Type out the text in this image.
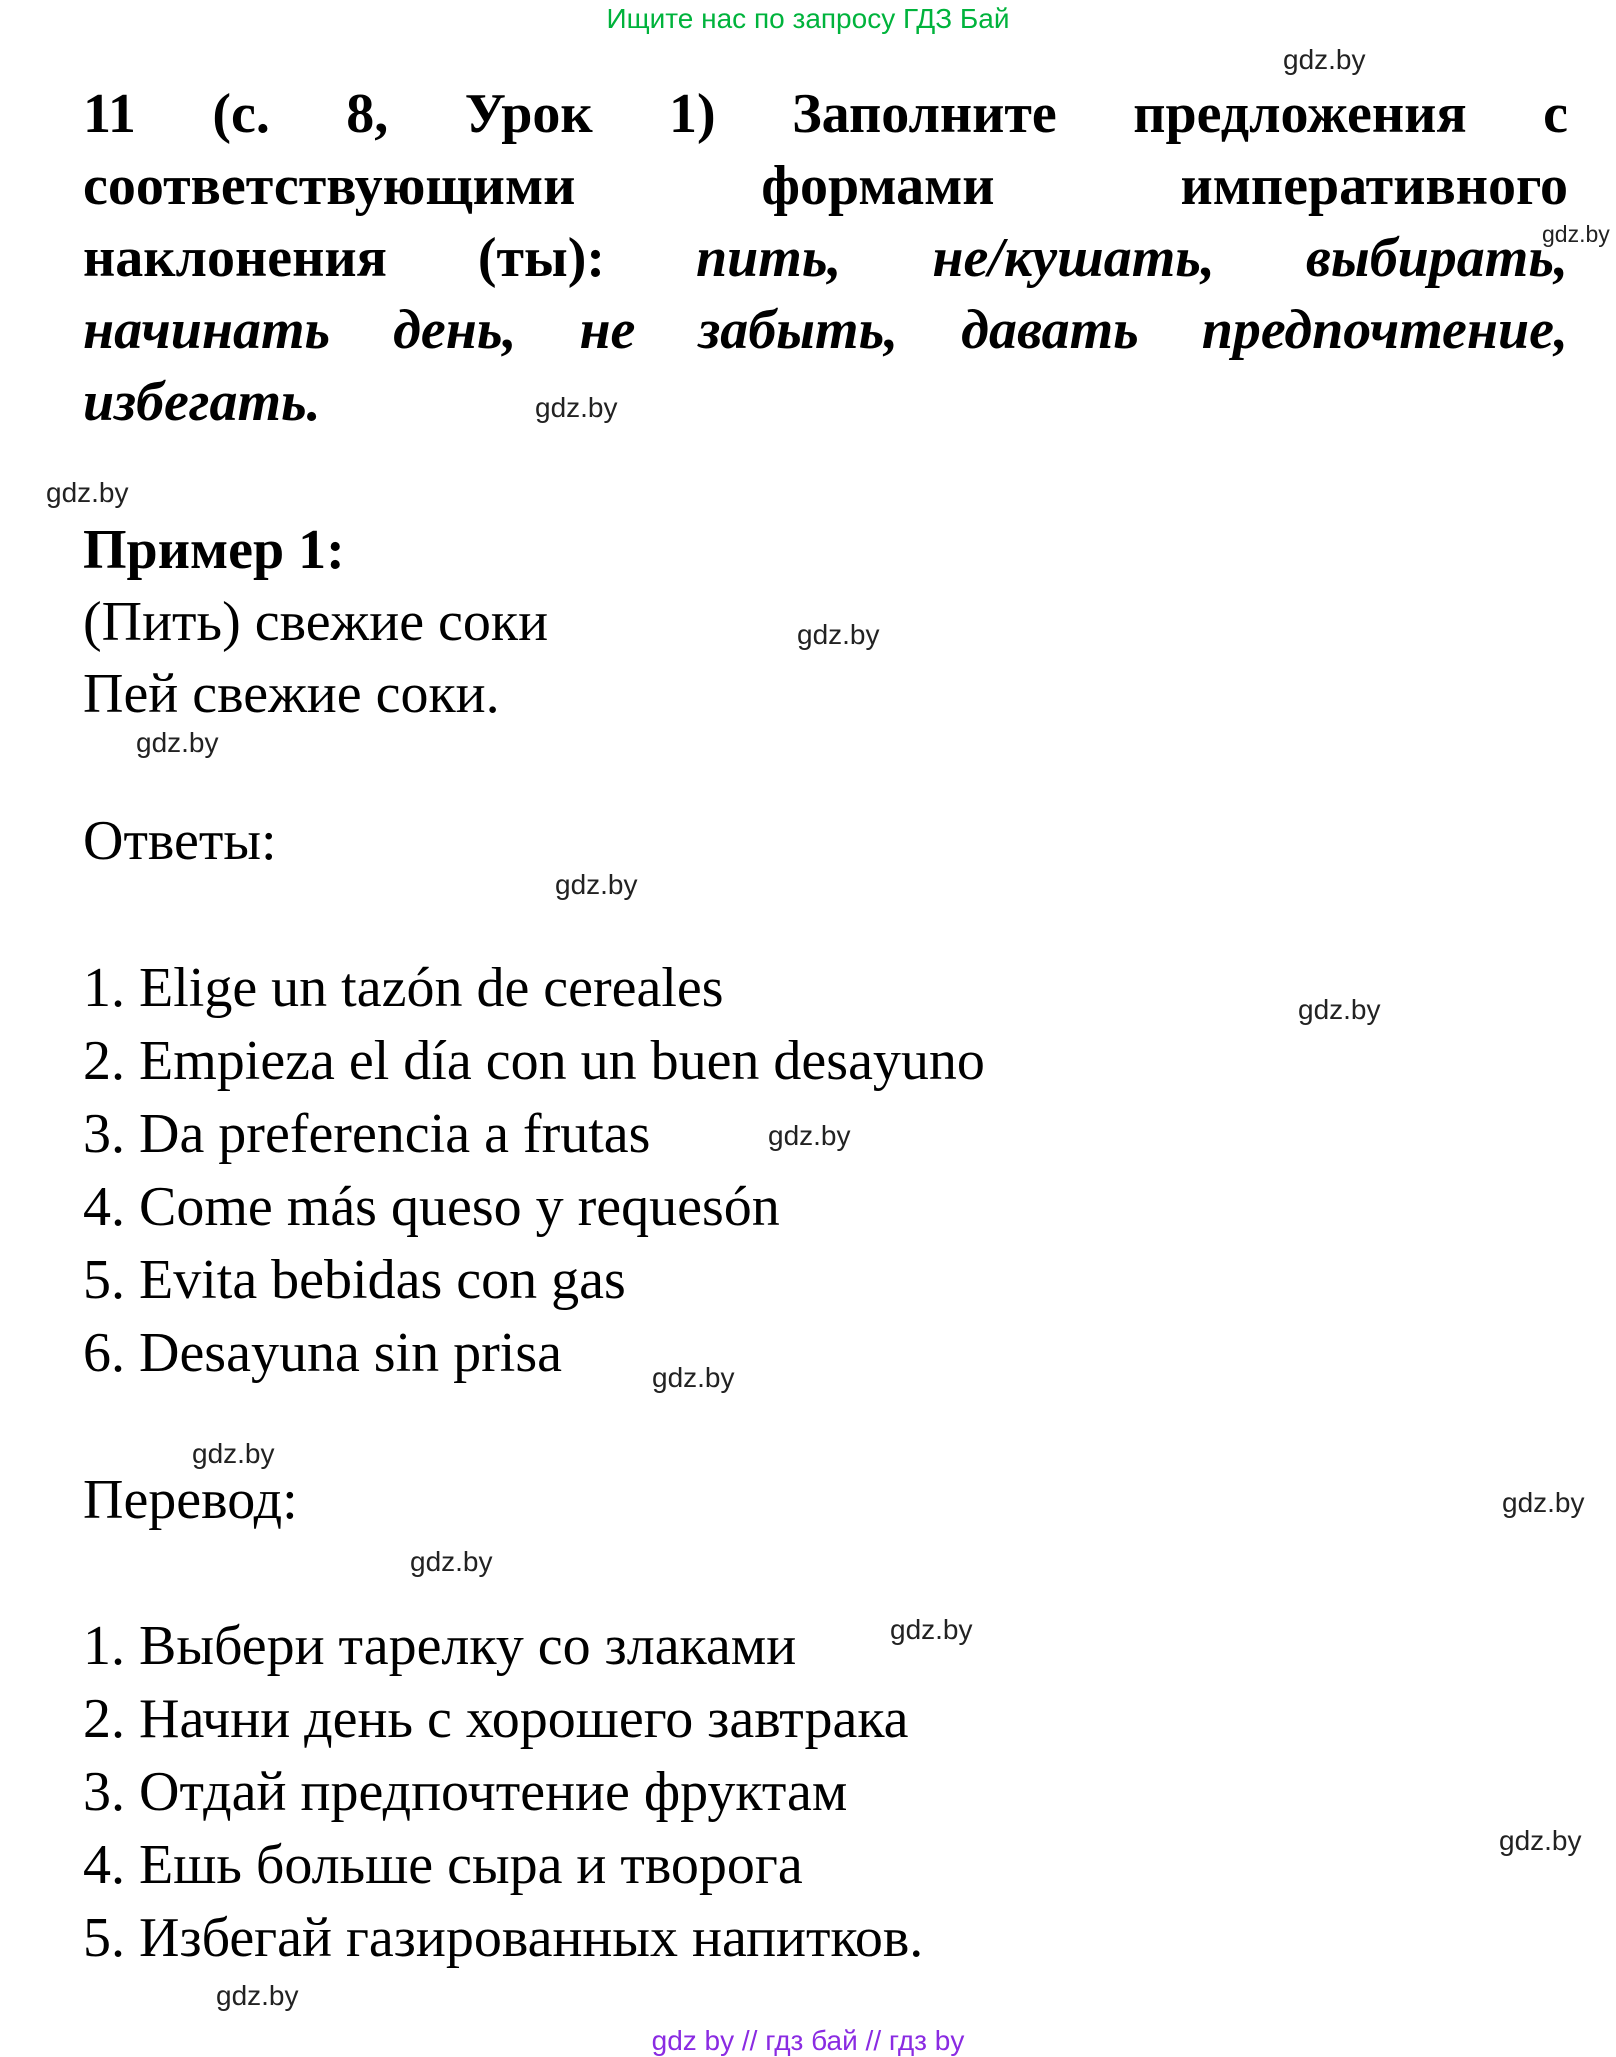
Ищите нас по запросу ГДЗ Бай
11 (с. 8, Урок 1) Заполните предложения с
соответствующими	формами	императивного
наклонения (ты): пить, не/кушать, выбирать,
начинать день, не забыть, давать предпочтение,
избегать.
Пример 1:
(Пить) свежие соки
Пей свежие соки.
Ответы:
1. Elige un tazón de cereales
2. Empieza el día con un buen desayuno
3. Da preferencia a frutas
4. Come más queso y requesón
5. Evita bebidas con gas
6. Desayuna sin prisa
Перевод:
1. Выбери тарелку со злаками
2. Начни день с хорошего завтрака
3. Отдай предпочтение фруктам
4. Ешь больше сыра и творога
5. Избегай газированных напитков.
gdz.by
gdz.by
gdz.by
gdz.by
gdz.by
gdz.by
gdz.by
gdz.by
gdz.by
gdz.by
gdz.by
gdz.by
gdz.by
gdz.by
gdz.by
gdz.by
gdz by // гдз бай // гдз by
